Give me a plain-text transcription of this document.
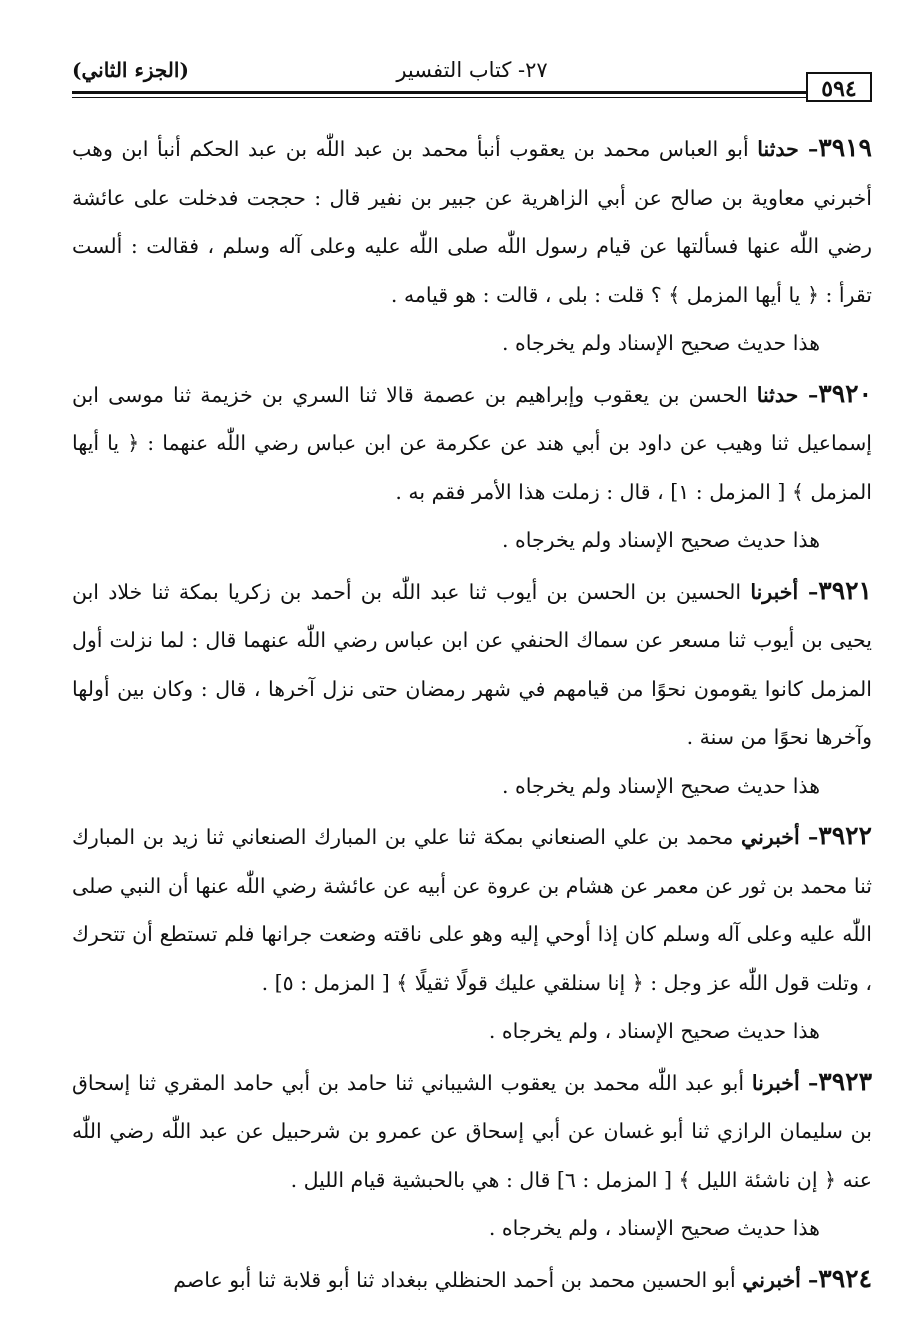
٥٩٤
٢٧- كتاب التفسير
(الجزء الثاني)

٣٩١٩– حدثنا أبو العباس محمد بن يعقوب أنبأ محمد بن عبد اللّٰه بن عبد الحكم أنبأ ابن وهب أخبرني معاوية بن صالح عن أبي الزاهرية عن جبير بن نفير قال : حججت فدخلت على عائشة رضي اللّٰه عنها فسألتها عن قيام رسول اللّٰه صلى اللّٰه عليه وعلى آله وسلم ، فقالت : ألست تقرأ : ﴿ يا أيها المزمل ﴾ ؟ قلت : بلى ، قالت : هو قيامه .

هذا حديث صحيح الإسناد ولم يخرجاه .

٣٩٢٠– حدثنا الحسن بن يعقوب وإبراهيم بن عصمة قالا ثنا السري بن خزيمة ثنا موسى ابن إسماعيل ثنا وهيب عن داود بن أبي هند عن عكرمة عن ابن عباس رضي اللّٰه عنهما : ﴿ يا أيها المزمل ﴾ [ المزمل : ١] ، قال : زملت هذا الأمر فقم به .

هذا حديث صحيح الإسناد ولم يخرجاه .

٣٩٢١– أخبرنا الحسين بن الحسن بن أيوب ثنا عبد اللّٰه بن أحمد بن زكريا بمكة ثنا خلاد ابن يحيى بن أيوب ثنا مسعر عن سماك الحنفي عن ابن عباس رضي اللّٰه عنهما قال : لما نزلت أول المزمل كانوا يقومون نحوًا من قيامهم في شهر رمضان حتى نزل آخرها ، قال : وكان بين أولها وآخرها نحوًا من سنة .

هذا حديث صحيح الإسناد ولم يخرجاه .

٣٩٢٢– أخبرني محمد بن علي الصنعاني بمكة ثنا علي بن المبارك الصنعاني ثنا زيد بن المبارك ثنا محمد بن ثور عن معمر عن هشام بن عروة عن أبيه عن عائشة رضي اللّٰه عنها أن النبي صلى اللّٰه عليه وعلى آله وسلم كان إذا أوحي إليه وهو على ناقته وضعت جرانها فلم تستطع أن تتحرك ، وتلت قول اللّٰه عز وجل : ﴿ إنا سنلقي عليك قولًا ثقيلًا ﴾ [ المزمل : ٥] .

هذا حديث صحيح الإسناد ، ولم يخرجاه .

٣٩٢٣– أخبرنا أبو عبد اللّٰه محمد بن يعقوب الشيباني ثنا حامد بن أبي حامد المقري ثنا إسحاق بن سليمان الرازي ثنا أبو غسان عن أبي إسحاق عن عمرو بن شرحبيل عن عبد اللّٰه رضي اللّٰه عنه ﴿ إن ناشئة الليل ﴾ [ المزمل : ٦] قال : هي بالحبشية قيام الليل .

هذا حديث صحيح الإسناد ، ولم يخرجاه .

٣٩٢٤– أخبرني أبو الحسين محمد بن أحمد الحنظلي ببغداد ثنا أبو قلابة ثنا أبو عاصم
